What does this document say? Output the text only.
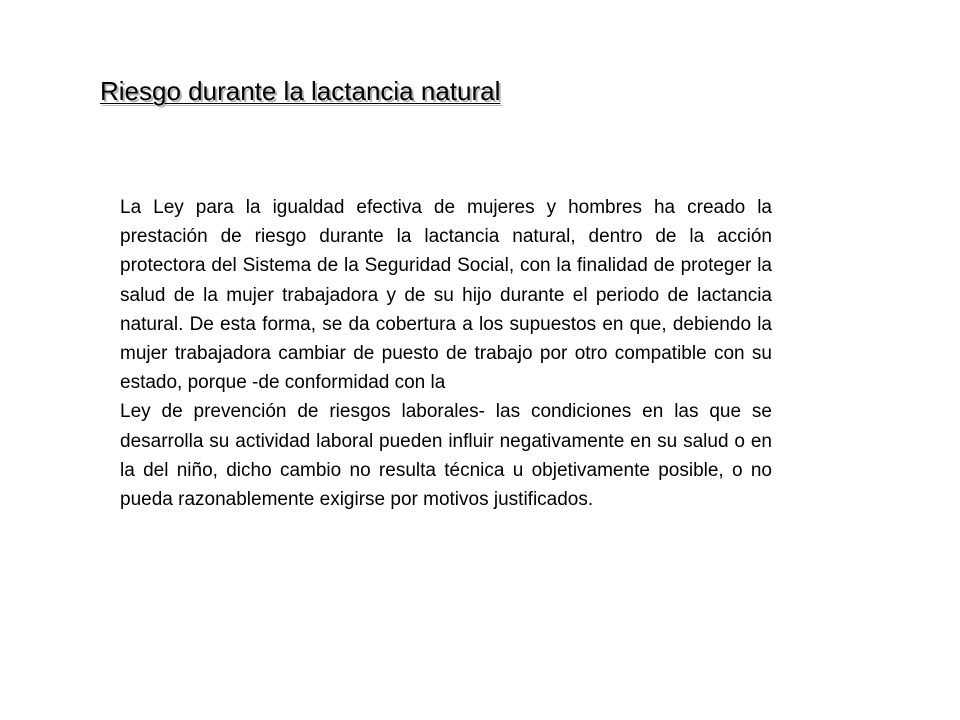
Riesgo durante la lactancia natural

La Ley para la igualdad efectiva de mujeres y hombres ha creado la prestación de riesgo durante la lactancia natural, dentro de la acción protectora del Sistema de la Seguridad Social, con la finalidad de proteger la salud de la mujer trabajadora y de su hijo durante el periodo de lactancia natural. De esta forma, se da cobertura a los supuestos en que, debiendo la mujer trabajadora cambiar de puesto de trabajo por otro compatible con su estado, porque -de conformidad con la

Ley de prevención de riesgos laborales- las condiciones en las que se desarrolla su actividad laboral pueden influir negativamente en su salud o en la del niño, dicho cambio no resulta técnica u objetivamente posible, o no pueda razonablemente exigirse por motivos justificados.
